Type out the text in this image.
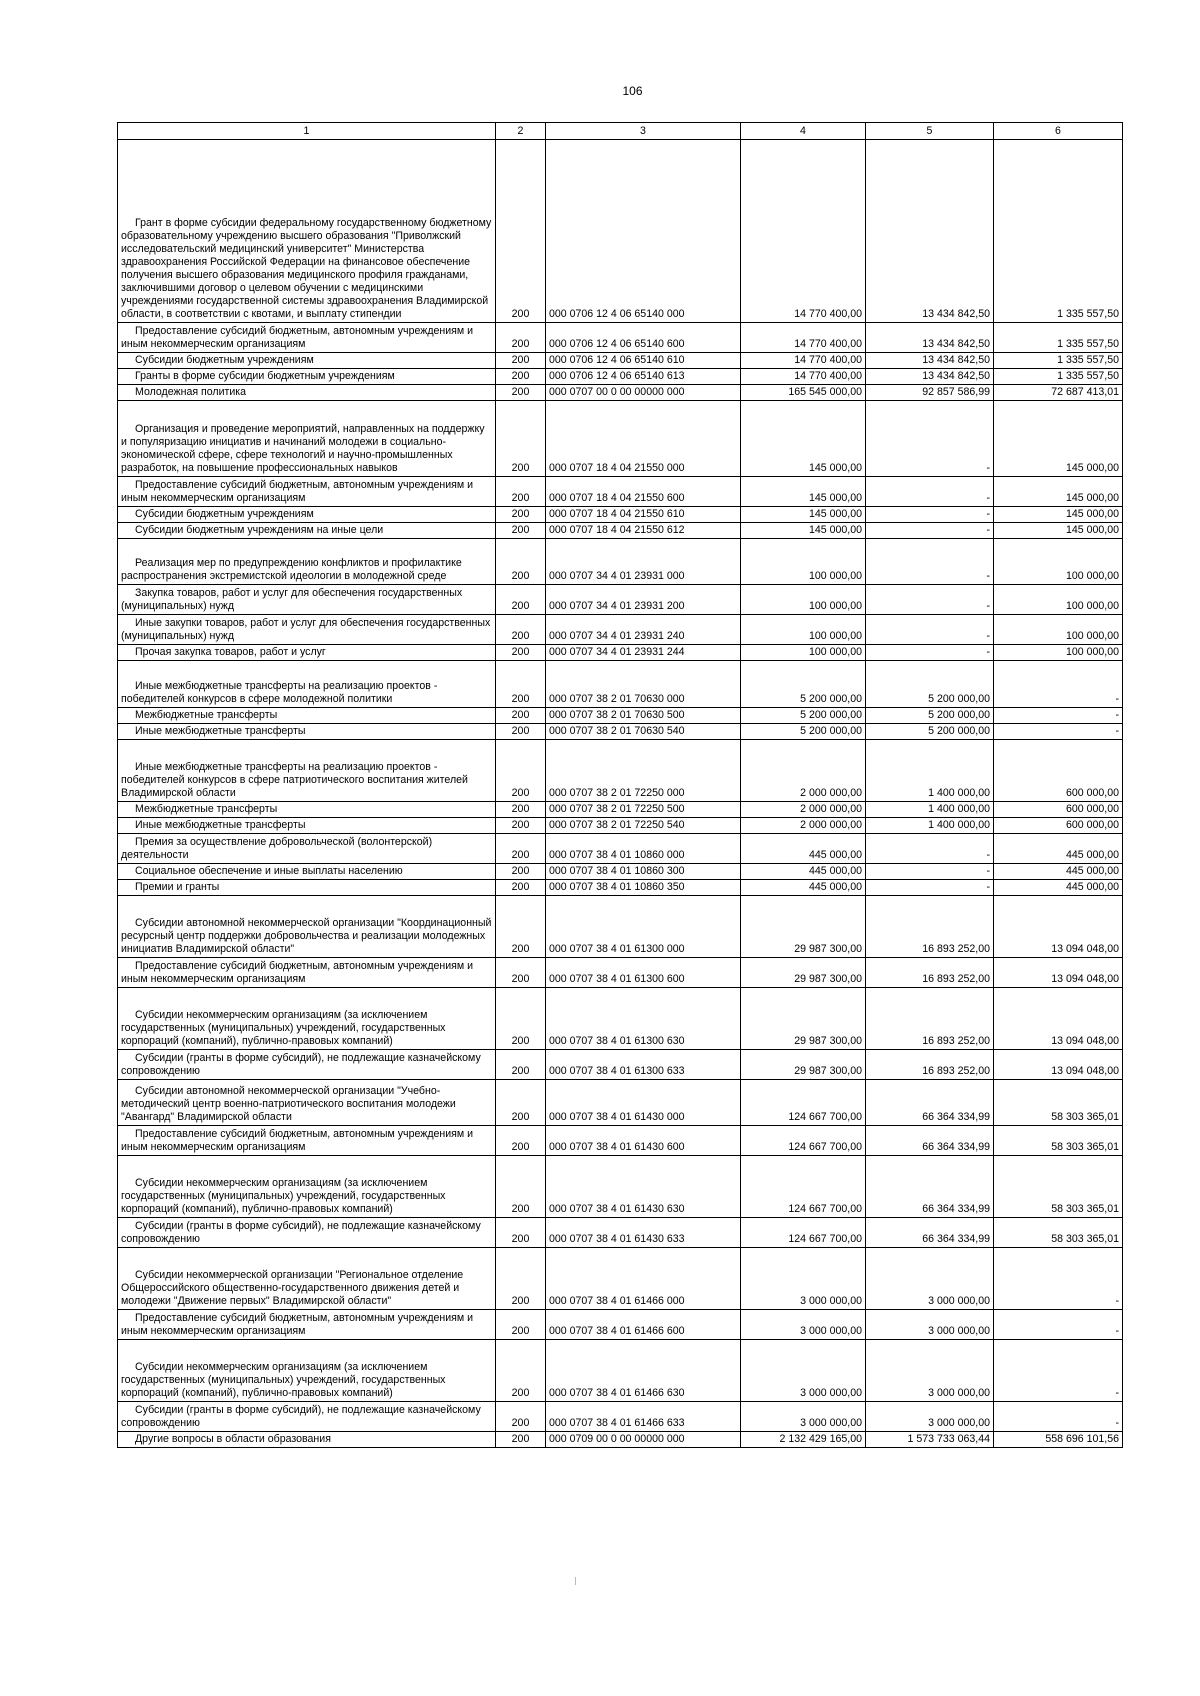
106
1	2	3	4	5	6

Грант в форме субсидии федеральному государственному бюджетному образовательному учреждению высшего образования "Приволжский исследовательский медицинский университет" Министерства здравоохранения Российской Федерации на финансовое обеспечение получения высшего образования медицинского профиля гражданами, заключившими договор о целевом обучении с медицинскими учреждениями государственной системы здравоохранения Владимирской области, в соответствии с квотами, и выплату стипендии	200	000 0706 12 4 06 65140 000	14 770 400,00	13 434 842,50	1 335 557,50

Предоставление субсидий бюджетным, автономным учреждениям и иным некоммерческим организациям	200	000 0706 12 4 06 65140 600	14 770 400,00	13 434 842,50	1 335 557,50

Субсидии бюджетным учреждениям	200	000 0706 12 4 06 65140 610	14 770 400,00	13 434 842,50	1 335 557,50

Гранты в форме субсидии бюджетным учреждениям	200	000 0706 12 4 06 65140 613	14 770 400,00	13 434 842,50	1 335 557,50

Молодежная политика	200	000 0707 00 0 00 00000 000	165 545 000,00	92 857 586,99	72 687 413,01

Организация и проведение мероприятий, направленных на поддержку и популяризацию инициатив и начинаний молодежи в социально-экономической сфере, сфере технологий и научно-промышленных разработок, на повышение профессиональных навыков	200	000 0707 18 4 04 21550 000	145 000,00	-	145 000,00

Предоставление субсидий бюджетным, автономным учреждениям и иным некоммерческим организациям	200	000 0707 18 4 04 21550 600	145 000,00	-	145 000,00

Субсидии бюджетным учреждениям	200	000 0707 18 4 04 21550 610	145 000,00	-	145 000,00

Субсидии бюджетным учреждениям на иные цели	200	000 0707 18 4 04 21550 612	145 000,00	-	145 000,00

Реализация мер по предупреждению конфликтов и профилактике распространения экстремистской идеологии в молодежной среде	200	000 0707 34 4 01 23931 000	100 000,00	-	100 000,00

Закупка товаров, работ и услуг для обеспечения государственных (муниципальных) нужд	200	000 0707 34 4 01 23931 200	100 000,00	-	100 000,00

Иные закупки товаров, работ и услуг для обеспечения государственных (муниципальных) нужд	200	000 0707 34 4 01 23931 240	100 000,00	-	100 000,00

Прочая закупка товаров, работ и услуг	200	000 0707 34 4 01 23931 244	100 000,00	-	100 000,00

Иные межбюджетные трансферты на реализацию проектов - победителей конкурсов в сфере молодежной политики	200	000 0707 38 2 01 70630 000	5 200 000,00	5 200 000,00	-

Межбюджетные трансферты	200	000 0707 38 2 01 70630 500	5 200 000,00	5 200 000,00	-

Иные межбюджетные трансферты	200	000 0707 38 2 01 70630 540	5 200 000,00	5 200 000,00	-

Иные межбюджетные трансферты на реализацию проектов - победителей конкурсов в сфере патриотического воспитания жителей Владимирской области	200	000 0707 38 2 01 72250 000	2 000 000,00	1 400 000,00	600 000,00

Межбюджетные трансферты	200	000 0707 38 2 01 72250 500	2 000 000,00	1 400 000,00	600 000,00

Иные межбюджетные трансферты	200	000 0707 38 2 01 72250 540	2 000 000,00	1 400 000,00	600 000,00

Премия за осуществление добровольческой (волонтерской) деятельности	200	000 0707 38 4 01 10860 000	445 000,00	-	445 000,00

Социальное обеспечение и иные выплаты населению	200	000 0707 38 4 01 10860 300	445 000,00	-	445 000,00

Премии и гранты	200	000 0707 38 4 01 10860 350	445 000,00	-	445 000,00

Субсидии автономной некоммерческой организации "Координационный ресурсный центр поддержки добровольчества и реализации молодежных инициатив Владимирской области"	200	000 0707 38 4 01 61300 000	29 987 300,00	16 893 252,00	13 094 048,00

Предоставление субсидий бюджетным, автономным учреждениям и иным некоммерческим организациям	200	000 0707 38 4 01 61300 600	29 987 300,00	16 893 252,00	13 094 048,00

Субсидии некоммерческим организациям (за исключением государственных (муниципальных) учреждений, государственных корпораций (компаний), публично-правовых компаний)	200	000 0707 38 4 01 61300 630	29 987 300,00	16 893 252,00	13 094 048,00

Субсидии (гранты в форме субсидий), не подлежащие казначейскому сопровождению	200	000 0707 38 4 01 61300 633	29 987 300,00	16 893 252,00	13 094 048,00

Субсидии автономной некоммерческой организации "Учебно-методический центр военно-патриотического воспитания молодежи "Авангард" Владимирской области	200	000 0707 38 4 01 61430 000	124 667 700,00	66 364 334,99	58 303 365,01

Предоставление субсидий бюджетным, автономным учреждениям и иным некоммерческим организациям	200	000 0707 38 4 01 61430 600	124 667 700,00	66 364 334,99	58 303 365,01

Субсидии некоммерческим организациям (за исключением государственных (муниципальных) учреждений, государственных корпораций (компаний), публично-правовых компаний)	200	000 0707 38 4 01 61430 630	124 667 700,00	66 364 334,99	58 303 365,01

Субсидии (гранты в форме субсидий), не подлежащие казначейскому сопровождению	200	000 0707 38 4 01 61430 633	124 667 700,00	66 364 334,99	58 303 365,01

Субсидии некоммерческой организации "Региональное отделение Общероссийского общественно-государственного движения детей и молодежи "Движение первых" Владимирской области"	200	000 0707 38 4 01 61466 000	3 000 000,00	3 000 000,00	-

Предоставление субсидий бюджетным, автономным учреждениям и иным некоммерческим организациям	200	000 0707 38 4 01 61466 600	3 000 000,00	3 000 000,00	-

Субсидии некоммерческим организациям (за исключением государственных (муниципальных) учреждений, государственных корпораций (компаний), публично-правовых компаний)	200	000 0707 38 4 01 61466 630	3 000 000,00	3 000 000,00	-

Субсидии (гранты в форме субсидий), не подлежащие казначейскому сопровождению	200	000 0707 38 4 01 61466 633	3 000 000,00	3 000 000,00	-

Другие вопросы в области образования	200	000 0709 00 0 00 00000 000	2 132 429 165,00	1 573 733 063,44	558 696 101,56
